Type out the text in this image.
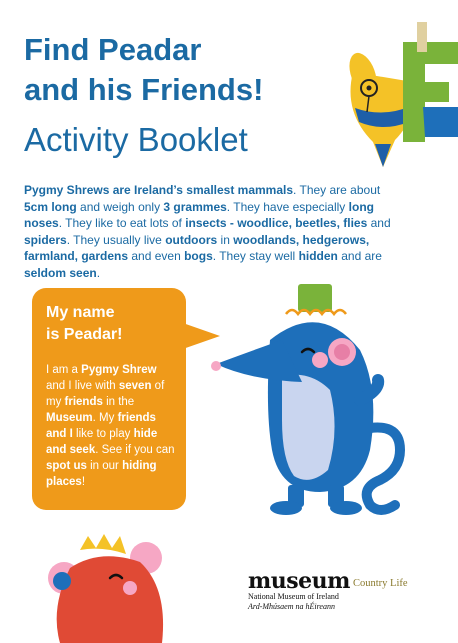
Find Peadar
and his Friends!
Activity Booklet

Pygmy Shrews are Ireland’s smallest mammals. They are about 5cm long and weigh only 3 grammes. They have especially long noses. They like to eat lots of insects - woodlice, beetles, flies and spiders. They usually live outdoors in woodlands, hedgerows, farmland, gardens and even bogs. They stay well hidden and are seldom seen.

My name
is Peadar!

I am a Pygmy Shrew and I live with seven of my friends in the Museum. My friends and I like to play hide and seek. See if you can spot us in our hiding places!

museum
National Museum of Ireland
Ard-Mhúsaem na hÉireann
Country Life
